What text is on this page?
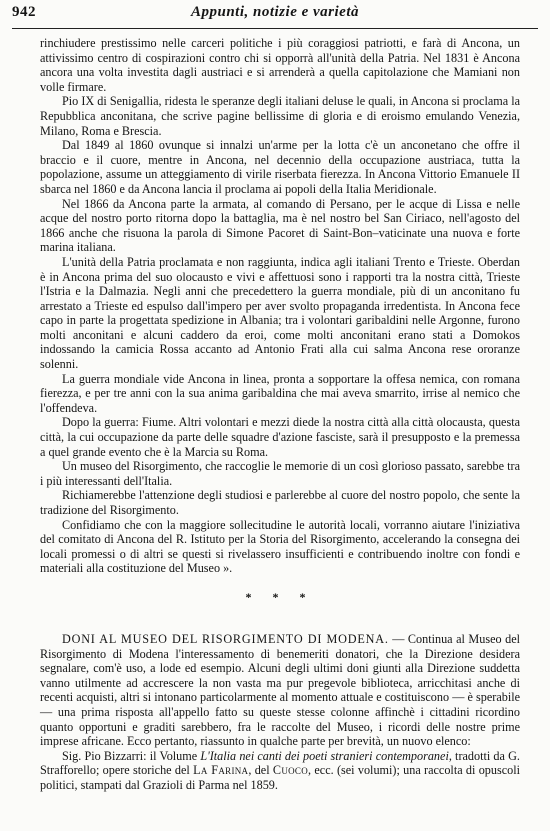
942	Appunti, notizie e varietà

rinchiudere prestissimo nelle carceri politiche i più coraggiosi patriotti, e farà di Ancona, un attivissimo centro di cospirazioni contro chi si opporrà all'unità della Patria. Nel 1831 è Ancona ancora una volta investita dagli austriaci e si arrenderà a quella capitolazione che Mamiani non volle firmare.

Pio IX di Senigallia, ridesta le speranze degli italiani deluse le quali, in Ancona si proclama la Repubblica anconitana, che scrive pagine bellissime di gloria e di eroismo emulando Venezia, Milano, Roma e Brescia.

Dal 1849 al 1860 ovunque si innalzi un'arme per la lotta c'è un anconetano che offre il braccio e il cuore, mentre in Ancona, nel decennio della occupazione austriaca, tutta la popolazione, assume un atteggiamento di virile riserbata fierezza. In Ancona Vittorio Emanuele II sbarca nel 1860 e da Ancona lancia il proclama ai popoli della Italia Meridionale.

Nel 1866 da Ancona parte la armata, al comando di Persano, per le acque di Lissa e nelle acque del nostro porto ritorna dopo la battaglia, ma è nel nostro bel San Ciriaco, nell'agosto del 1866 anche che risuona la parola di Simone Pacoret di Saint-Bon–vaticinate una nuova e forte marina italiana.

L'unità della Patria proclamata e non raggiunta, indica agli italiani Trento e Trieste. Oberdan è in Ancona prima del suo olocausto e vivi e affettuosi sono i rapporti tra la nostra città, Trieste l'Istria e la Dalmazia. Negli anni che precedettero la guerra mondiale, più di un anconitano fu arrestato a Trieste ed espulso dall'impero per aver svolto propaganda irredentista. In Ancona fece capo in parte la progettata spedizione in Albania; tra i volontari garibaldini nelle Argonne, furono molti anconitani e alcuni caddero da eroi, come molti anconitani erano stati a Domokos indossando la camicia Rossa accanto ad Antonio Frati alla cui salma Ancona rese ororanze solenni.

La guerra mondiale vide Ancona in linea, pronta a sopportare la offesa nemica, con romana fierezza, e per tre anni con la sua anima garibaldina che mai aveva smarrito, irrise al nemico che l'offendeva.

Dopo la guerra: Fiume. Altri volontari e mezzi diede la nostra città alla città olocausta, questa città, la cui occupazione da parte delle squadre d'azione fasciste, sarà il presupposto e la premessa a quel grande evento che è la Marcia su Roma.

Un museo del Risorgimento, che raccoglie le memorie di un così glorioso passato, sarebbe tra i più interessanti dell'Italia.

Richiamerebbe l'attenzione degli studiosi e parlerebbe al cuore del nostro popolo, che sente la tradizione del Risorgimento.

Confidiamo che con la maggiore sollecitudine le autorità locali, vorranno aiutare l'iniziativa del comitato di Ancona del R. Istituto per la Storia del Risorgimento, accelerando la consegna dei locali promessi o di altri se questi si rivelassero insufficienti e contribuendo inoltre con fondi e materiali alla costituzione del Museo ».

* * *

DONI AL MUSEO DEL RISORGIMENTO DI MODENA. — Continua al Museo del Risorgimento di Modena l'interessamento di benemeriti donatori, che la Direzione desidera segnalare, com'è uso, a lode ed esempio. Alcuni degli ultimi doni giunti alla Direzione suddetta vanno utilmente ad accrescere la non vasta ma pur pregevole biblioteca, arricchitasi anche di recenti acquisti, altri si intonano particolarmente al momento attuale e costituiscono — è sperabile — una prima risposta all'appello fatto su queste stesse colonne affinchè i cittadini ricordino quanto opportuni e graditi sarebbero, fra le raccolte del Museo, i ricordi delle nostre prime imprese africane. Ecco pertanto, riassunto in qualche parte per brevità, un nuovo elenco:

Sig. Pio Bizzarri: il Volume L'Italia nei canti dei poeti stranieri contemporanei, tradotti da G. Strafforello; opere storiche del La Farina, del Cuoco, ecc. (sei volumi); una raccolta di opuscoli politici, stampati dal Grazioli di Parma nel 1859.
